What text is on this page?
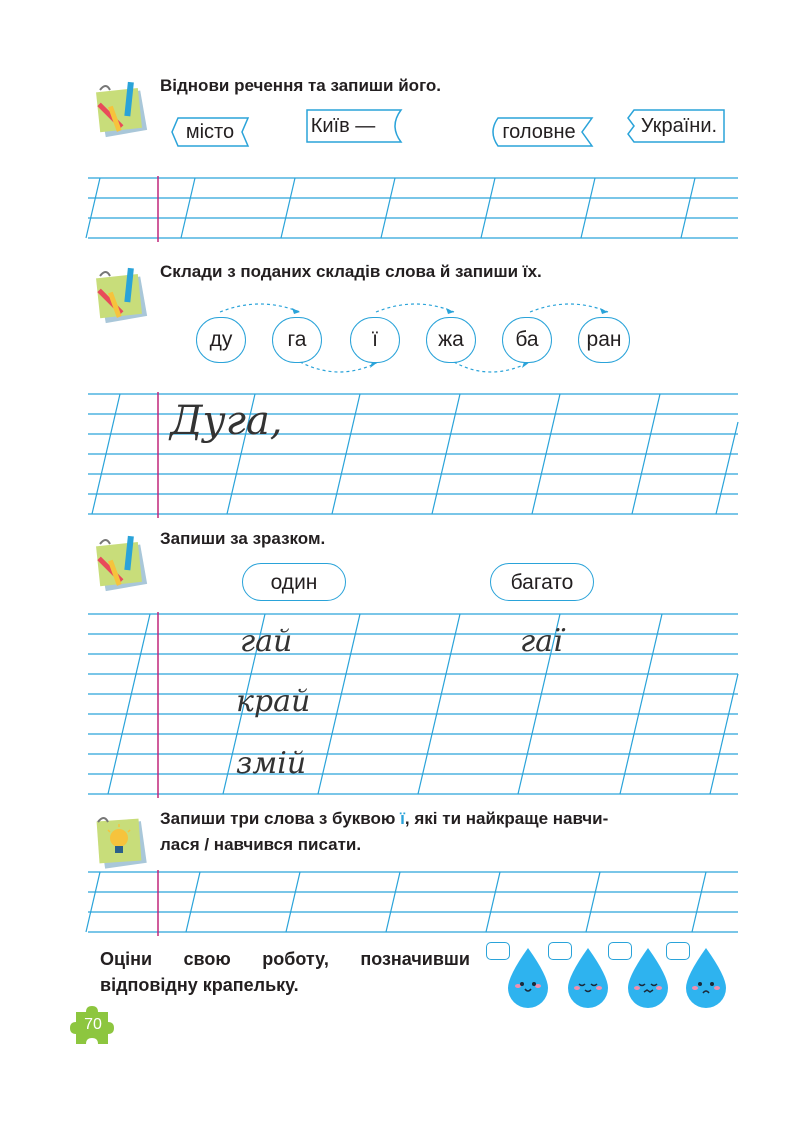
Віднови речення та запиши його.
місто	Київ —	головне	України.
Склади з поданих складів слова й запиши їх.
ду	га	ї	жа	ба	ран
Дуга,
Запиши за зразком.
один	багато
гай
край
змій
гаї
Запиши три слова з буквою ї, які ти найкраще навчи-
лася / навчився писати.
Оціни свою роботу, позначивши відповідну крапельку.
70
